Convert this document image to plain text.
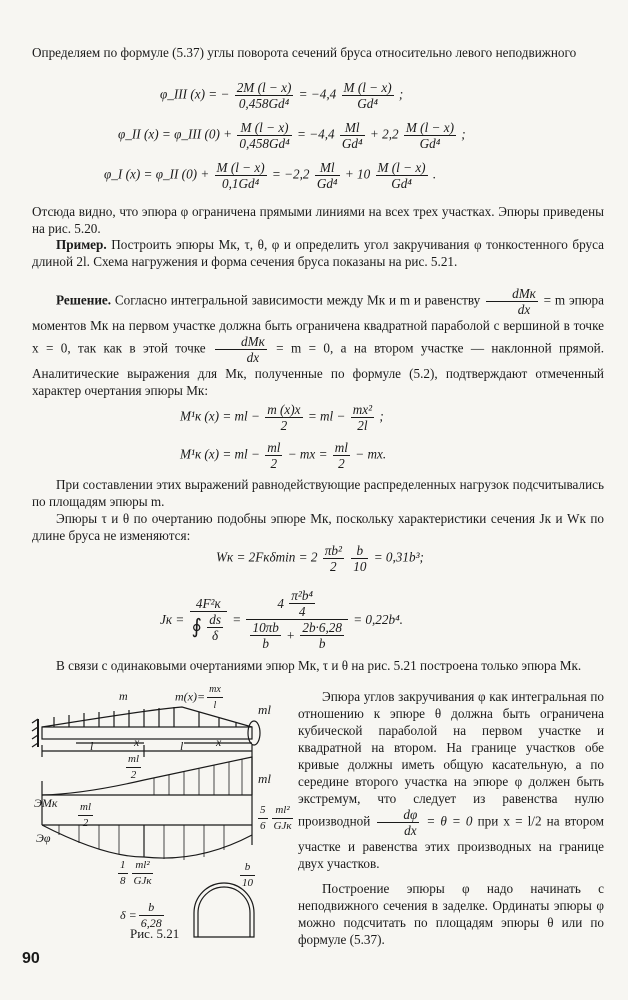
Определяем по формуле (5.37) углы поворота сечений бруса относительно левого неподвижного
φ_III (x) = − $\frac{2M (l - x)}{\text{0,458Gd⁴}} = -4,4 \frac{M (l - x)}{\text{Gd⁴}}$ ;
φ_II (x) = φ_III $(0) + \frac{M (l - x)}{\text{0,458Gd⁴}} = -4,4 \frac{Ml}{\text{Gd⁴}} + 2,2 \frac{M (l - x)}{\text{Gd⁴}}$ ;
φ_I (x) = φ_II $(0) + \frac{M (l - x)}{\text{0,1Gd⁴}} = -2,2 \frac{Ml}{\text{Gd⁴}} + 10 \frac{M (l - x)}{\text{Gd⁴}}$ .
Отсюда видно, что эпюра φ ограничена прямыми линиями на всех трех участках. Эпюры приведены на рис. 5.20.
Пример. Построить эпюры Mк, τ, θ, φ и определить угол закручивания φ тонкостенного бруса длиной 2l. Схема нагружения и форма сечения бруса показаны на рис. 5.21.
Решение. Согласно интегральной зависимости между Mк и m и равенству $\frac{\text{dMк}}{dx} = m$ эпюра моментов Mк на первом участке должна быть ограничена квадратной параболой с вершиной в точке x = 0, так как в этой точке $\frac{\text{dMк}}{dx} = m = 0$, а на втором участке — наклонной прямой. Аналитические выражения для Mк, полученные по формуле (5.2), подтверждают отмеченный характер очертания эпюры Mк:
M¹к (x) = ml − $\frac{m (x)x}{2}$ = ml − $\frac{\text{mx²}}{2l}$ ;
M¹к (x) = ml − $\frac{ml}{2}$ − mx = $\frac{ml}{2}$ − mx.
При составлении этих выражений равнодействующие распределенных нагрузок подсчитывались по площадям эпюры m.
Эпюры τ и θ по очертанию подобны эпюре Mк, поскольку характеристики сечения Jк и Wк по длине бруса не изменяются:
Wк = $2Fк\delta\min = 2 \frac{\text{πb²}}{2}$
$\frac{b}{10} = 0,31b^3$;
Jк = $\frac{\text{4F²к}}{∮ \frac{ds}{\delta}} = \frac{4 \frac{\text{π²b⁴}}{4}}{\frac{10\pi b}{b} + \frac{2b\cdot 6,28}{b}} = 0,22b^4$.
В связи с одинаковыми очертаниями эпюр Mк, τ и θ на рис. 5.21 построена только эпюра Mк.
Эпюра углов закручивания φ как интегральная по отношению к эпюре θ должна быть ограничена кубической параболой на первом участке и квадратной на втором. На границе участков обе кривые должны иметь общую касательную, а по середине второго участка на эпюре φ должен быть экстремум, что следует из равенства нулю производной $\frac{d\varphi}{dx} = \theta = 0$ при x = l/2 на втором участке и равенства этих производных на границе двух участков.
Построение эпюры φ надо начинать с неподвижного сечения в заделке. Ординаты эпюры φ можно подсчитать по площадям эпюры θ или по формуле (5.37).
m	$m(x)= \frac{mx}{l}$	ml
l	x	l	x
$\frac{ml}{2}$	ml
ЭMк $\frac{ml}{2}$
Эφ
$\frac{5}{6} \frac{\text{ml²}}{\text{GJк}}$
$\frac{1}{8} \frac{\text{ml²}}{\text{GJк}}$	$\frac{b}{10}$
$\delta = \frac{b}{6,28}$
Рис. 5.21
90
